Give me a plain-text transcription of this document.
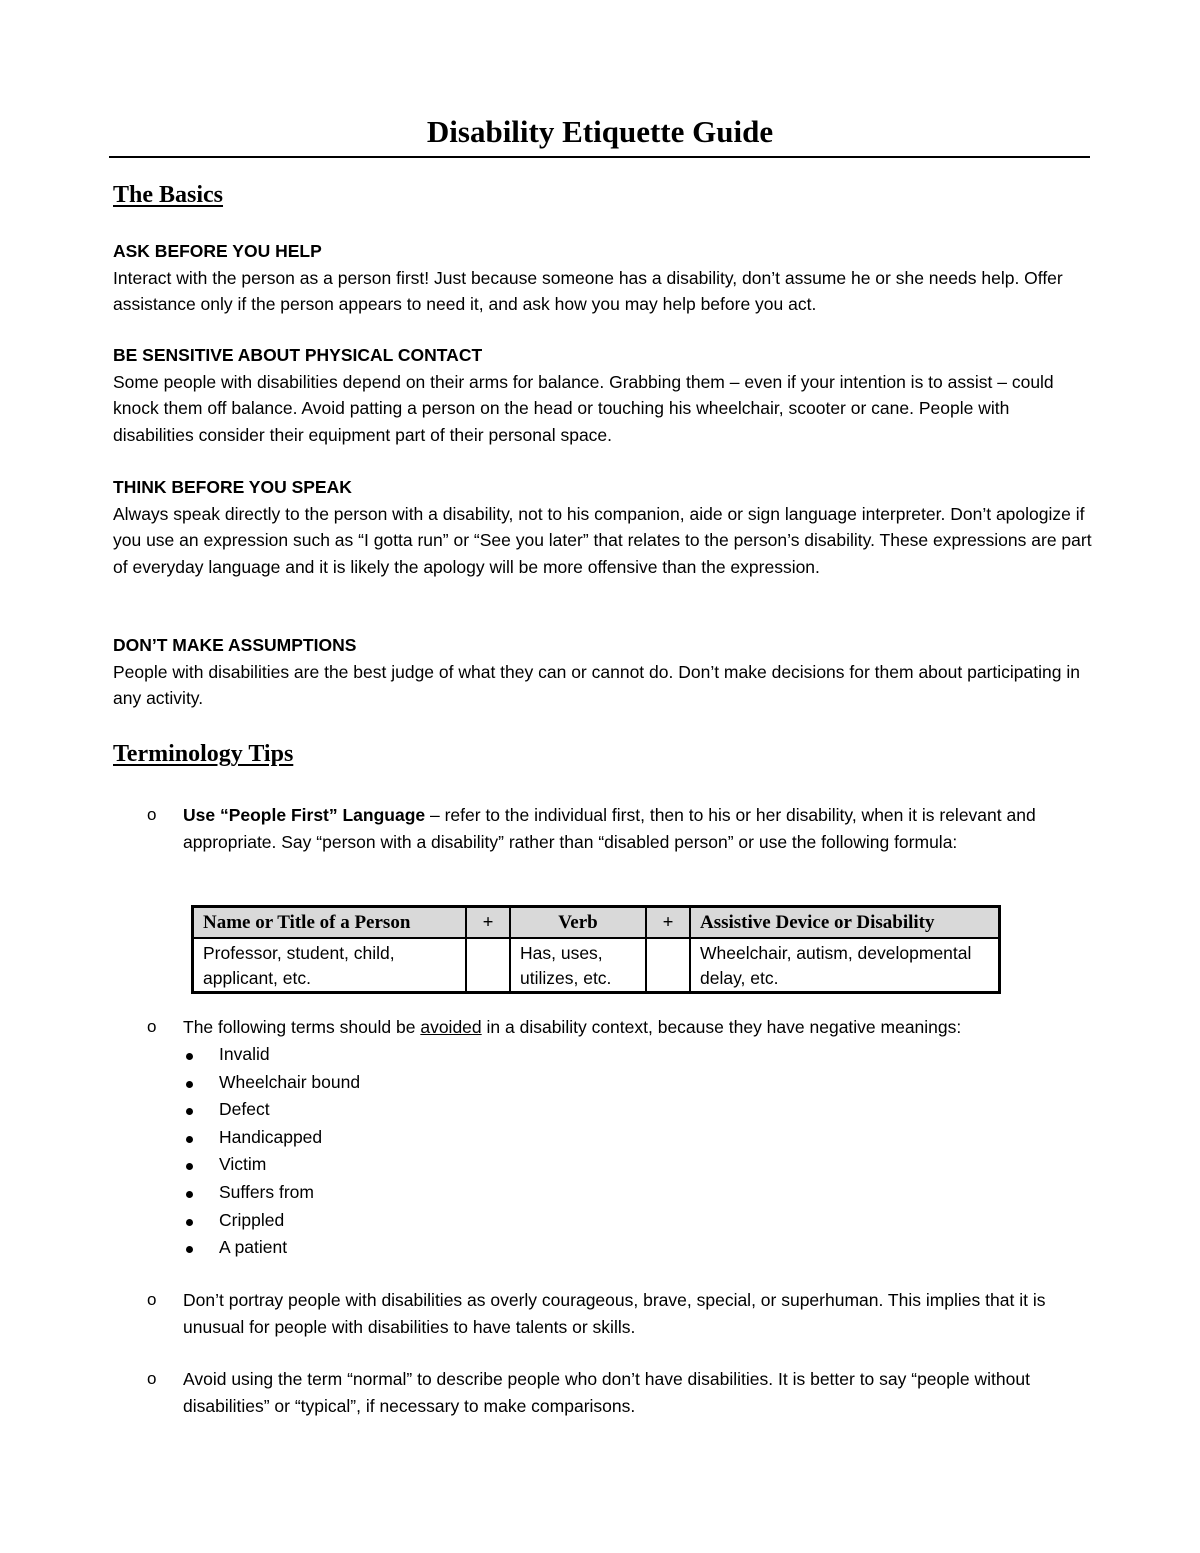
Disability Etiquette Guide
The Basics
ASK BEFORE YOU HELP
Interact with the person as a person first! Just because someone has a disability, don’t assume he or she needs help. Offer assistance only if the person appears to need it, and ask how you may help before you act.
BE SENSITIVE ABOUT PHYSICAL CONTACT
Some people with disabilities depend on their arms for balance. Grabbing them – even if your intention is to assist – could knock them off balance. Avoid patting a person on the head or touching his wheelchair, scooter or cane. People with disabilities consider their equipment part of their personal space.
THINK BEFORE YOU SPEAK
Always speak directly to the person with a disability, not to his companion, aide or sign language interpreter. Don’t apologize if you use an expression such as “I gotta run” or “See you later” that relates to the person’s disability. These expressions are part of everyday language and it is likely the apology will be more offensive than the expression.
DON’T MAKE ASSUMPTIONS
People with disabilities are the best judge of what they can or cannot do. Don’t make decisions for them about participating in any activity.
Terminology Tips
o Use “People First” Language – refer to the individual first, then to his or her disability, when it is relevant and appropriate. Say “person with a disability” rather than “disabled person” or use the following formula:
Name or Title of a Person	+	Verb	+	Assistive Device or Disability
Professor, student, child, applicant, etc.		Has, uses, utilizes, etc.		Wheelchair, autism, developmental delay, etc.
o The following terms should be avoided in a disability context, because they have negative meanings:
Invalid
Wheelchair bound
Defect
Handicapped
Victim
Suffers from
Crippled
A patient
o Don’t portray people with disabilities as overly courageous, brave, special, or superhuman. This implies that it is unusual for people with disabilities to have talents or skills.
o Avoid using the term “normal” to describe people who don’t have disabilities. It is better to say “people without disabilities” or “typical”, if necessary to make comparisons.
